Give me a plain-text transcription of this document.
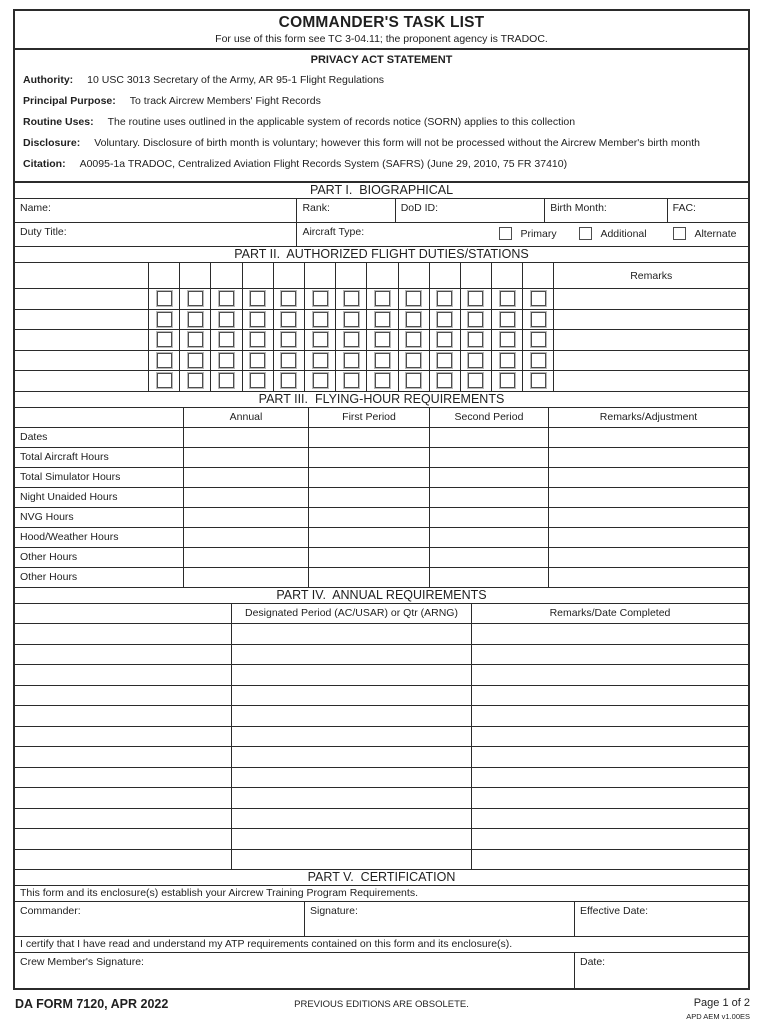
COMMANDER'S TASK LIST
For use of this form see TC 3-04.11; the proponent agency is TRADOC.
PRIVACY ACT STATEMENT
Authority: 10 USC 3013 Secretary of the Army, AR 95-1 Flight Regulations
Principal Purpose: To track Aircrew Members' Fight Records
Routine Uses: The routine uses outlined in the applicable system of records notice (SORN) applies to this collection
Disclosure: Voluntary. Disclosure of birth month is voluntary; however this form will not be processed without the Aircrew Member's birth month
Citation: A0095-1a TRADOC, Centralized Aviation Flight Records System (SAFRS) (June 29, 2010, 75 FR 37410)
PART I.  BIOGRAPHICAL
Name:	Rank:	DoD ID:	Birth Month:	FAC:
Duty Title:	Aircraft Type:	Primary	Additional	Alternate
PART II.  AUTHORIZED FLIGHT DUTIES/STATIONS
Remarks
PART III.  FLYING-HOUR REQUIREMENTS
Annual	First Period	Second Period	Remarks/Adjustment
Dates
Total Aircraft Hours
Total Simulator Hours
Night Unaided Hours
NVG Hours
Hood/Weather Hours
Other Hours
Other Hours
PART IV.  ANNUAL REQUIREMENTS
Designated Period (AC/USAR) or Qtr (ARNG)	Remarks/Date Completed
PART V.  CERTIFICATION
This form and its enclosure(s) establish your Aircrew Training Program Requirements.
Commander:	Signature:	Effective Date:
I certify that I have read and understand my ATP requirements contained on this form and its enclosure(s).
Crew Member's Signature:	Date:
DA FORM 7120, APR 2022	PREVIOUS EDITIONS ARE OBSOLETE.	Page 1 of 2
APD AEM v1.00ES
